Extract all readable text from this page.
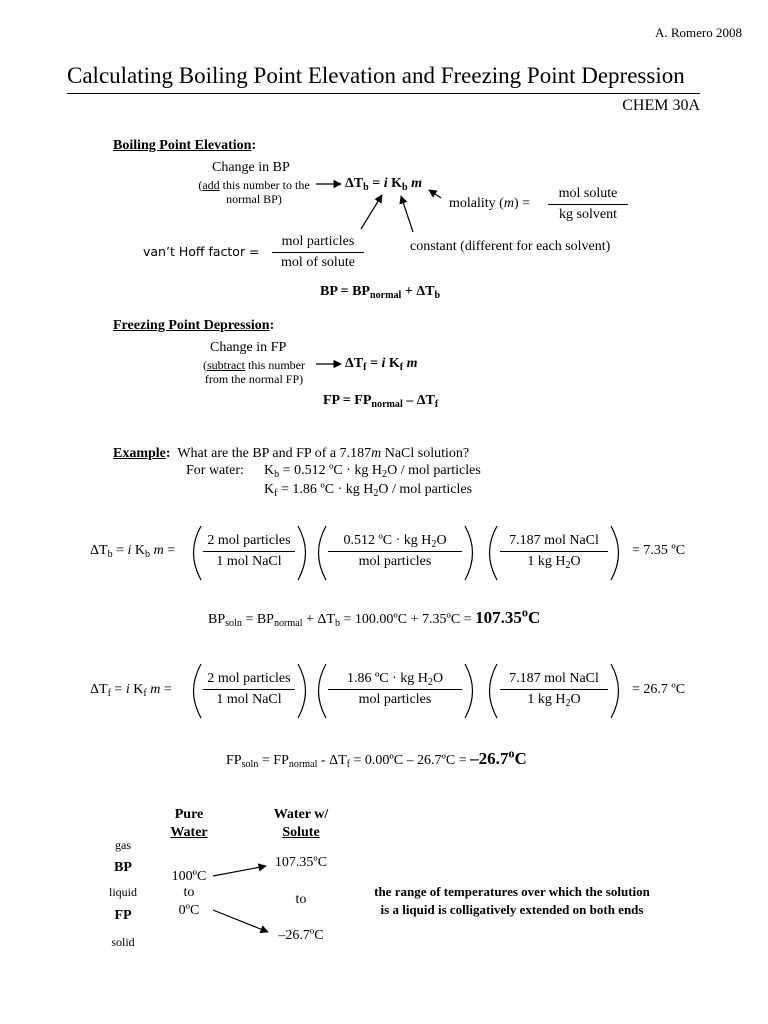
A. Romero 2008
Calculating Boiling Point Elevation and Freezing Point Depression
CHEM 30A
Boiling Point Elevation:
Change in BP
(add this number to the
normal BP)
$\Delta T_b = i$ $K_b$ m
molality (m) =
mol solute
kg solvent
van’t Hoff factor =
mol particles
mol of solute
constant (different for each solvent)
BP = $BP_{normal} + \Delta T_b$
Freezing Point Depression:
Change in FP
(subtract this number
from the normal FP)
$\Delta T_f = i$ $K_f$ m
FP = $FP_{normal} - \Delta T_f$
Example: What are the BP and FP of a 7.187m NaCl solution?
For water: $K_b = 0.512$ ºC · kg $H_2O$ / mol particles
$K_f = 1.86$ ºC · kg $H_2O$ / mol particles
$\Delta T_b = i$ $K_b$ m =
2 mol particles
1 mol NaCl
0.512 ºC · kg $H_2O$
mol particles
7.187 mol NaCl
1 kg $H_2O$
= 7.35 ºC
$BP_{soln} = BP_{normal} + \Delta T_b$ = 100.00ºC + 7.35ºC = $107.35^oC$
$\Delta T_f = i$ $K_f$ m =
2 mol particles
1 mol NaCl
1.86 ºC · kg $H_2O$
mol particles
7.187 mol NaCl
1 kg $H_2O$
= 26.7 ºC
$FP_{soln} = FP_{normal} - \Delta T_f$ = 0.00ºC – 26.7ºC = $-26.7^oC$
Pure
Water
Water w/
Solute
gas
BP
liquid
FP
solid
100ºC
to
0ºC
107.35ºC
to
–26.7ºC
the range of temperatures over which the solution
is a liquid is colligatively extended on both ends
